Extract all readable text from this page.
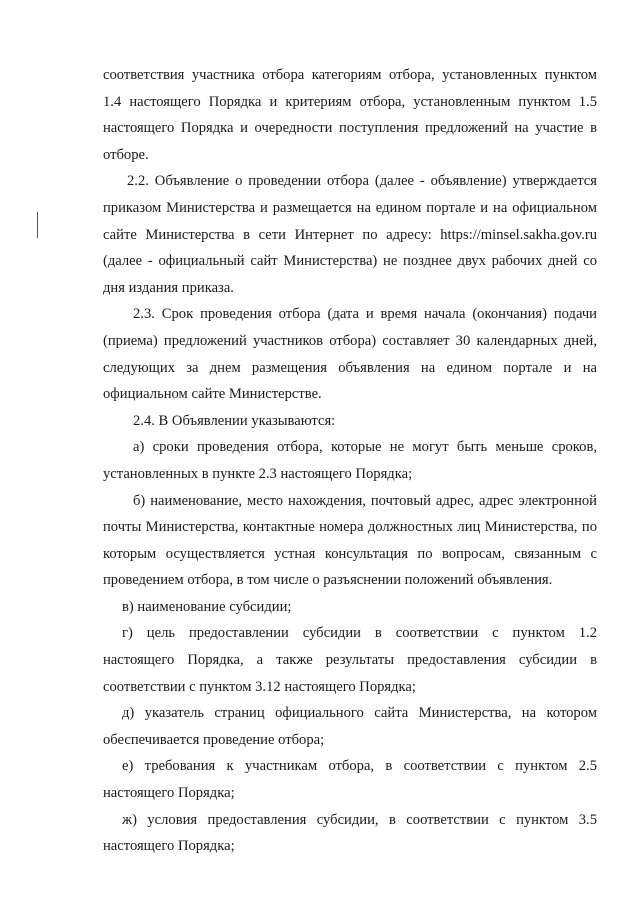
соответствия участника отбора категориям отбора, установленных пунктом
1.4 настоящего Порядка и критериям отбора, установленным пунктом 1.5
настоящего Порядка и очередности поступления предложений на участие в
отборе.
2.2. Объявление о проведении отбора (далее - объявление) утверждается
приказом Министерства и размещается на едином портале и на официальном
сайте Министерства в сети Интернет по адресу: https://minsel.sakha.gov.ru
(далее - официальный сайт Министерства) не позднее двух рабочих дней со
дня издания приказа.
2.3. Срок проведения отбора (дата и время начала (окончания) подачи
(приема) предложений участников отбора) составляет 30 календарных дней,
следующих за днем размещения объявления на едином портале и на
официальном сайте Министерстве.
2.4. В Объявлении указываются:
а) сроки проведения отбора, которые не могут быть меньше сроков,
установленных в пункте 2.3 настоящего Порядка;
б) наименование, место нахождения, почтовый адрес, адрес электронной
почты Министерства, контактные номера должностных лиц Министерства, по
которым осуществляется устная консультация по вопросам, связанным с
проведением отбора, в том числе о разъяснении положений объявления.
в) наименование субсидии;
г) цель предоставлении субсидии в соответствии с пунктом 1.2
настоящего Порядка, а также результаты предоставления субсидии в
соответствии с пунктом 3.12 настоящего Порядка;
д) указатель страниц официального сайта Министерства, на котором
обеспечивается проведение отбора;
е) требования к участникам отбора, в соответствии с пунктом 2.5
настоящего Порядка;
ж) условия предоставления субсидии, в соответствии с пунктом 3.5
настоящего Порядка;
